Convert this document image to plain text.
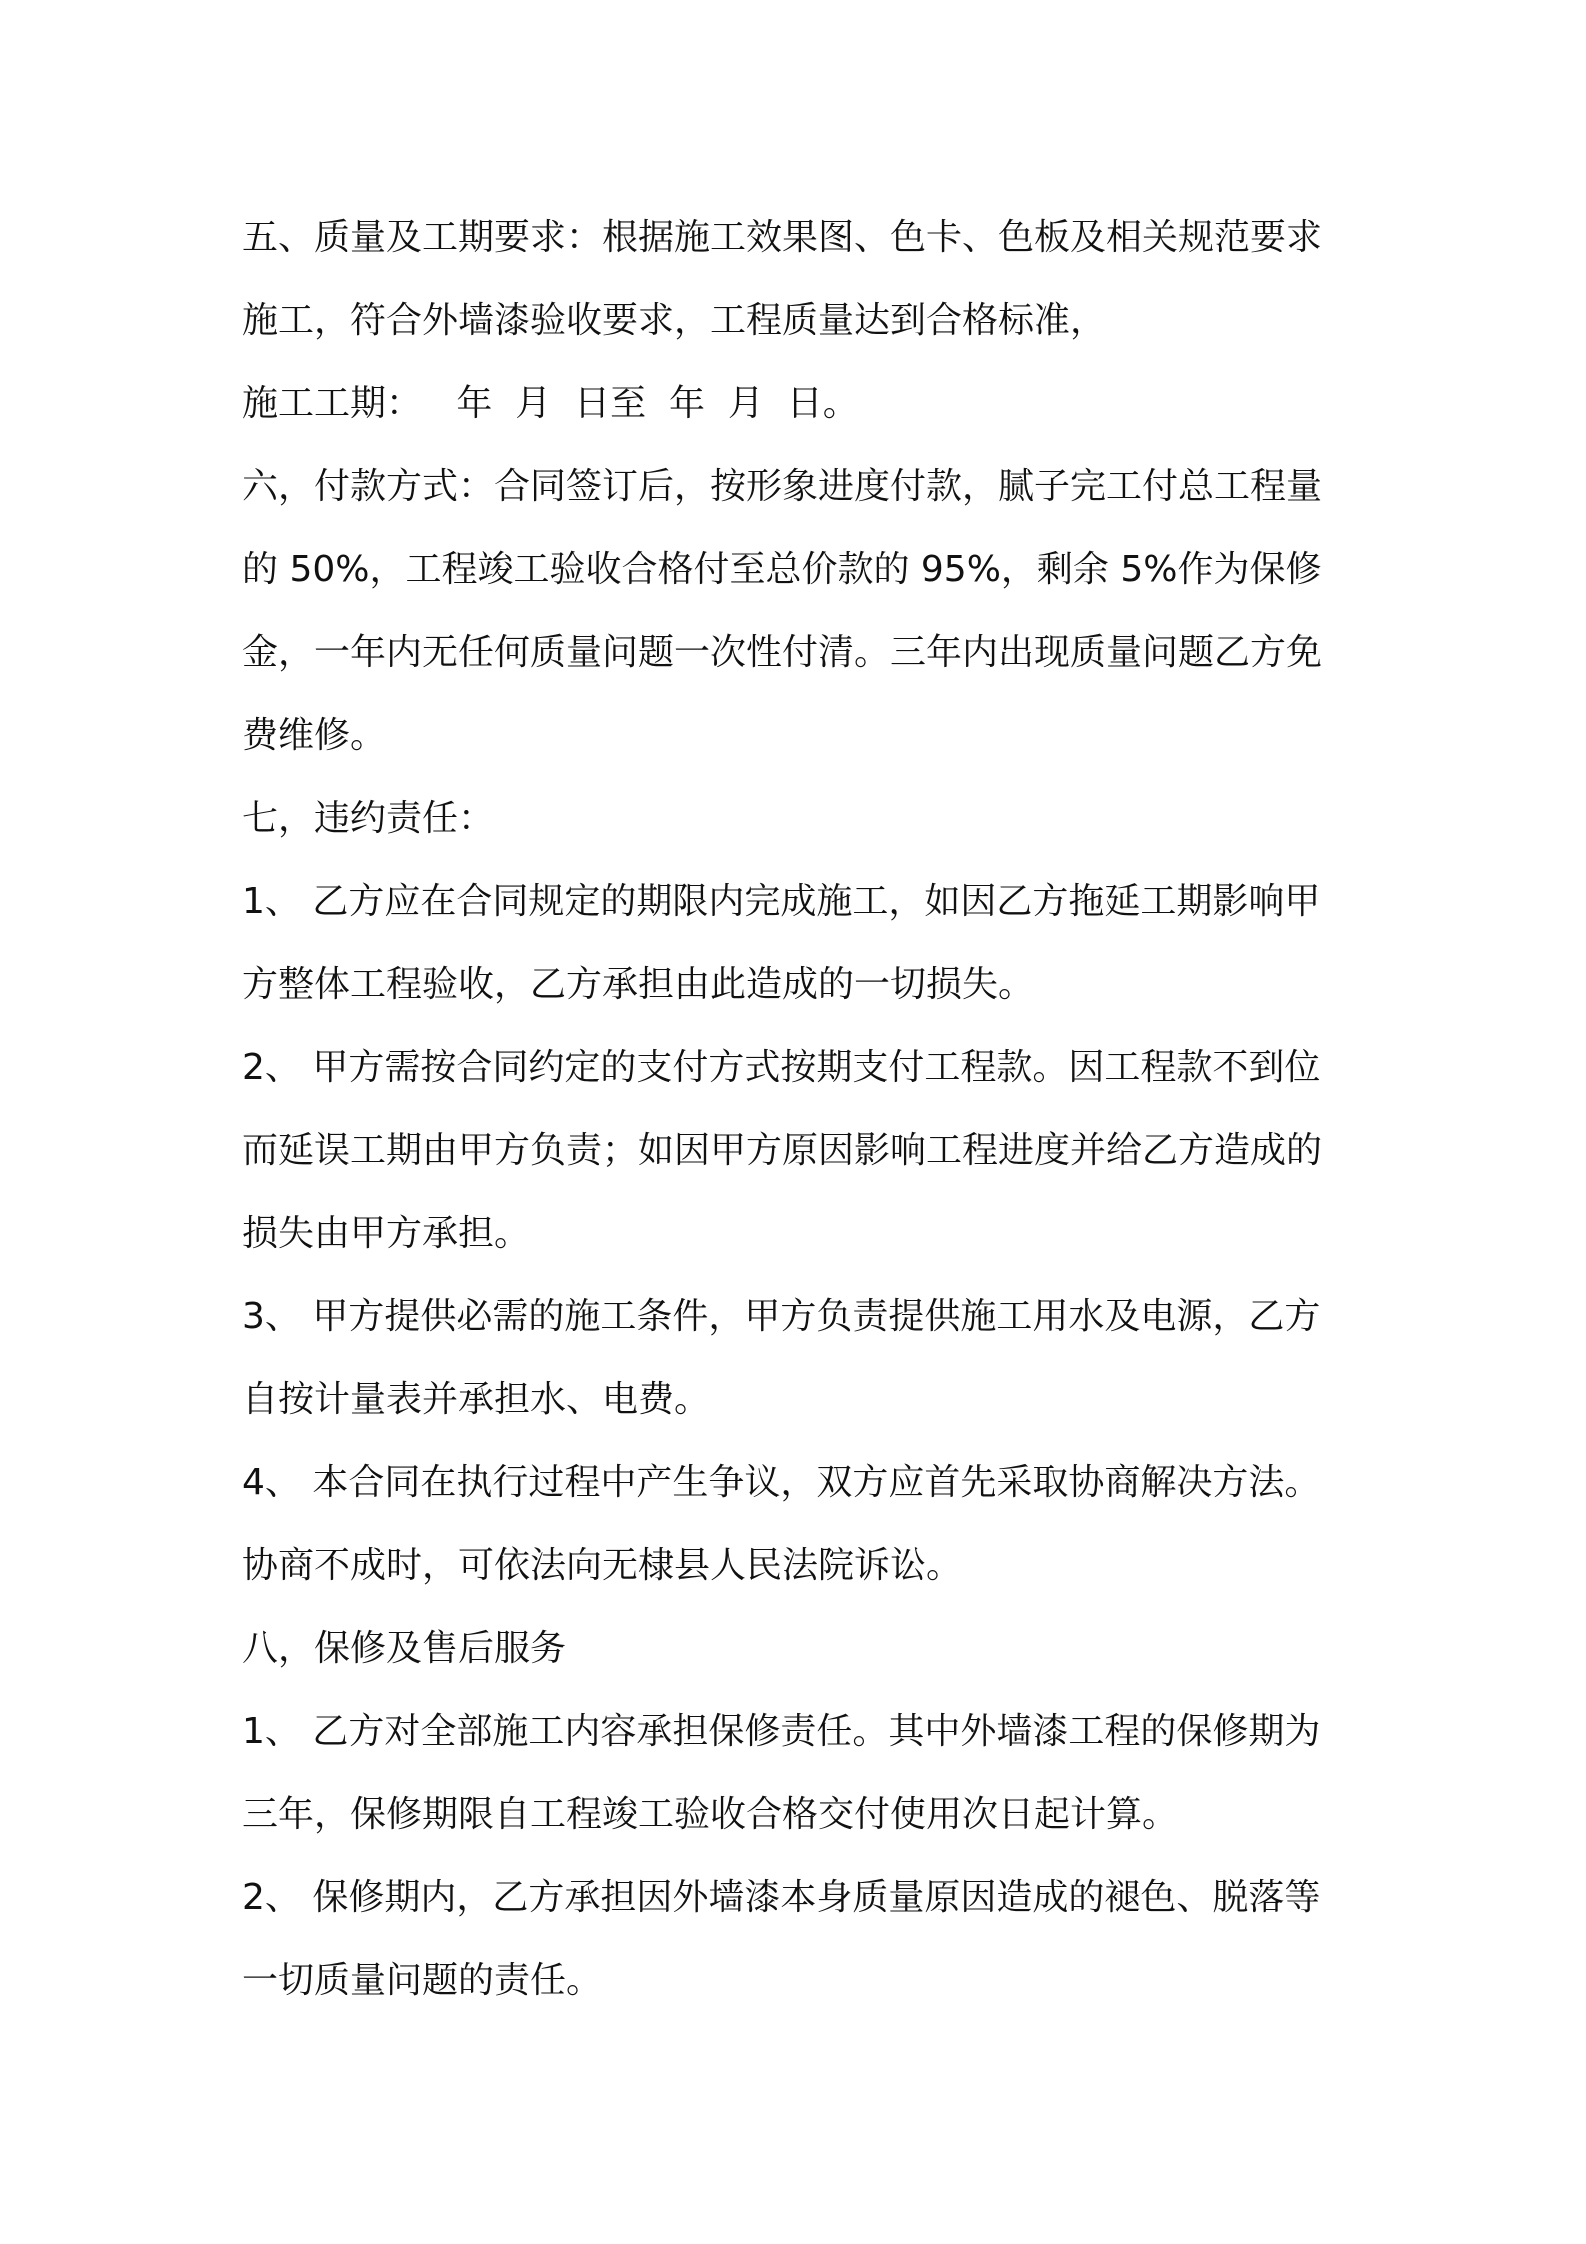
五、质量及工期要求：根据施工效果图、色卡、色板及相关规范要求
施工，符合外墙漆验收要求，工程质量达到合格标准，
施工工期：   年  月  日至  年  月  日。
六，付款方式：合同签订后，按形象进度付款，腻子完工付总工程量
的 50%，工程竣工验收合格付至总价款的 95%，剩余 5%作为保修
金，一年内无任何质量问题一次性付清。三年内出现质量问题乙方免
费维修。
七，违约责任：
1、 乙方应在合同规定的期限内完成施工，如因乙方拖延工期影响甲
方整体工程验收，乙方承担由此造成的一切损失。
2、 甲方需按合同约定的支付方式按期支付工程款。因工程款不到位
而延误工期由甲方负责；如因甲方原因影响工程进度并给乙方造成的
损失由甲方承担。
3、 甲方提供必需的施工条件，甲方负责提供施工用水及电源，乙方
自按计量表并承担水、电费。
4、 本合同在执行过程中产生争议，双方应首先采取协商解决方法。
协商不成时，可依法向无棣县人民法院诉讼。
八，保修及售后服务
1、 乙方对全部施工内容承担保修责任。其中外墙漆工程的保修期为
三年，保修期限自工程竣工验收合格交付使用次日起计算。
2、 保修期内，乙方承担因外墙漆本身质量原因造成的褪色、脱落等
一切质量问题的责任。
